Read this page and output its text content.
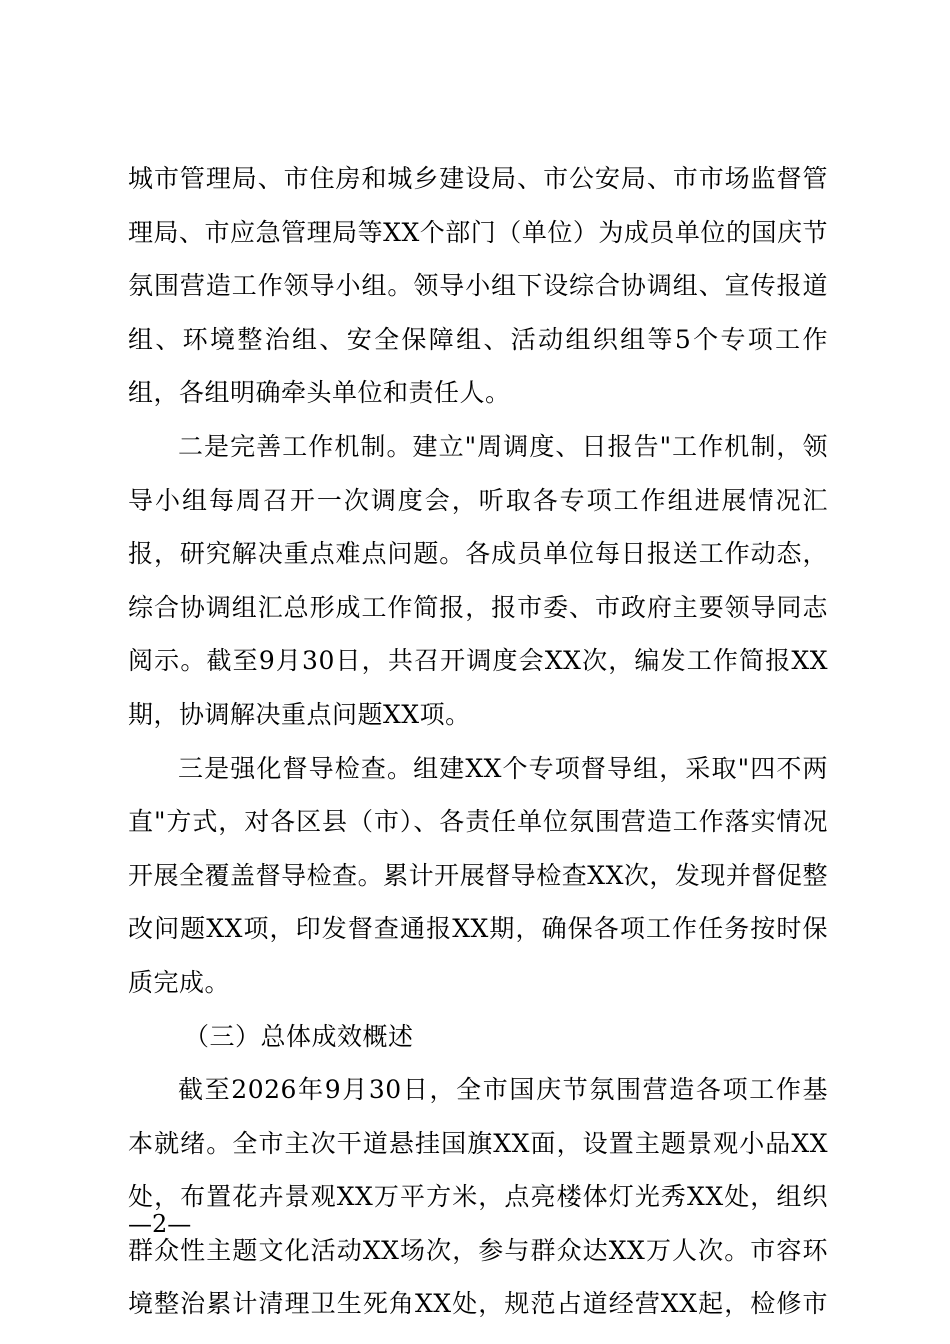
城市管理局、市住房和城乡建设局、市公安局、市市场监督管
理局、市应急管理局等XX个部门（单位）为成员单位的国庆节
氛围营造工作领导小组。领导小组下设综合协调组、宣传报道
组、环境整治组、安全保障组、活动组织组等5个专项工作
组，各组明确牵头单位和责任人。
二是完善工作机制。建立"周调度、日报告"工作机制，领
导小组每周召开一次调度会，听取各专项工作组进展情况汇
报，研究解决重点难点问题。各成员单位每日报送工作动态，
综合协调组汇总形成工作简报，报市委、市政府主要领导同志
阅示。截至9月30日，共召开调度会XX次，编发工作简报XX
期，协调解决重点问题XX项。
三是强化督导检查。组建XX个专项督导组，采取"四不两
直"方式，对各区县（市）、各责任单位氛围营造工作落实情况
开展全覆盖督导检查。累计开展督导检查XX次，发现并督促整
改问题XX项，印发督查通报XX期，确保各项工作任务按时保
质完成。
（三）总体成效概述
截至2026年9月30日，全市国庆节氛围营造各项工作基
本就绪。全市主次干道悬挂国旗XX面，设置主题景观小品XX
处，布置花卉景观XX万平方米，点亮楼体灯光秀XX处，组织
群众性主题文化活动XX场次，参与群众达XX万人次。市容环
境整治累计清理卫生死角XX处，规范占道经营XX起，检修市
—2—
